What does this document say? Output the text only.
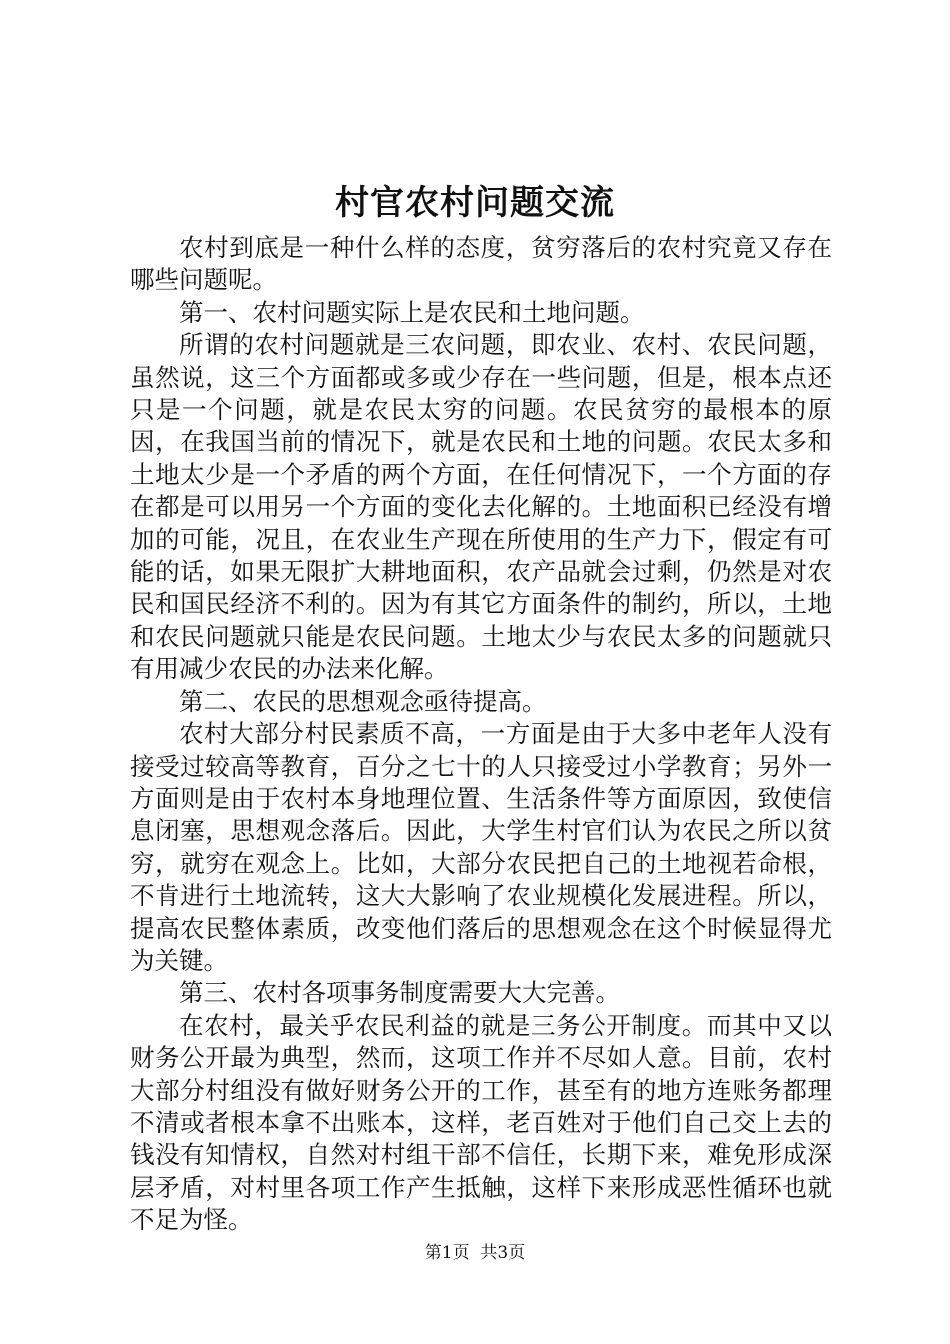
村官农村问题交流

农村到底是一种什么样的态度，贫穷落后的农村究竟又存在哪些问题呢。

第一、农村问题实际上是农民和土地问题。

所谓的农村问题就是三农问题，即农业、农村、农民问题，虽然说，这三个方面都或多或少存在一些问题，但是，根本点还只是一个问题，就是农民太穷的问题。农民贫穷的最根本的原因，在我国当前的情况下，就是农民和土地的问题。农民太多和土地太少是一个矛盾的两个方面，在任何情况下，一个方面的存在都是可以用另一个方面的变化去化解的。土地面积已经没有增加的可能，况且，在农业生产现在所使用的生产力下，假定有可能的话，如果无限扩大耕地面积，农产品就会过剩，仍然是对农民和国民经济不利的。因为有其它方面条件的制约，所以，土地和农民问题就只能是农民问题。土地太少与农民太多的问题就只有用减少农民的办法来化解。

第二、农民的思想观念亟待提高。

农村大部分村民素质不高，一方面是由于大多中老年人没有接受过较高等教育，百分之七十的人只接受过小学教育；另外一方面则是由于农村本身地理位置、生活条件等方面原因，致使信息闭塞，思想观念落后。因此，大学生村官们认为农民之所以贫穷，就穷在观念上。比如，大部分农民把自己的土地视若命根，不肯进行土地流转，这大大影响了农业规模化发展进程。所以，提高农民整体素质，改变他们落后的思想观念在这个时候显得尤为关键。

第三、农村各项事务制度需要大大完善。

在农村，最关乎农民利益的就是三务公开制度。而其中又以财务公开最为典型，然而，这项工作并不尽如人意。目前，农村大部分村组没有做好财务公开的工作，甚至有的地方连账务都理不清或者根本拿不出账本，这样，老百姓对于他们自己交上去的钱没有知情权，自然对村组干部不信任，长期下来，难免形成深层矛盾，对村里各项工作产生抵触，这样下来形成恶性循环也就不足为怪。

第1页  共3页
